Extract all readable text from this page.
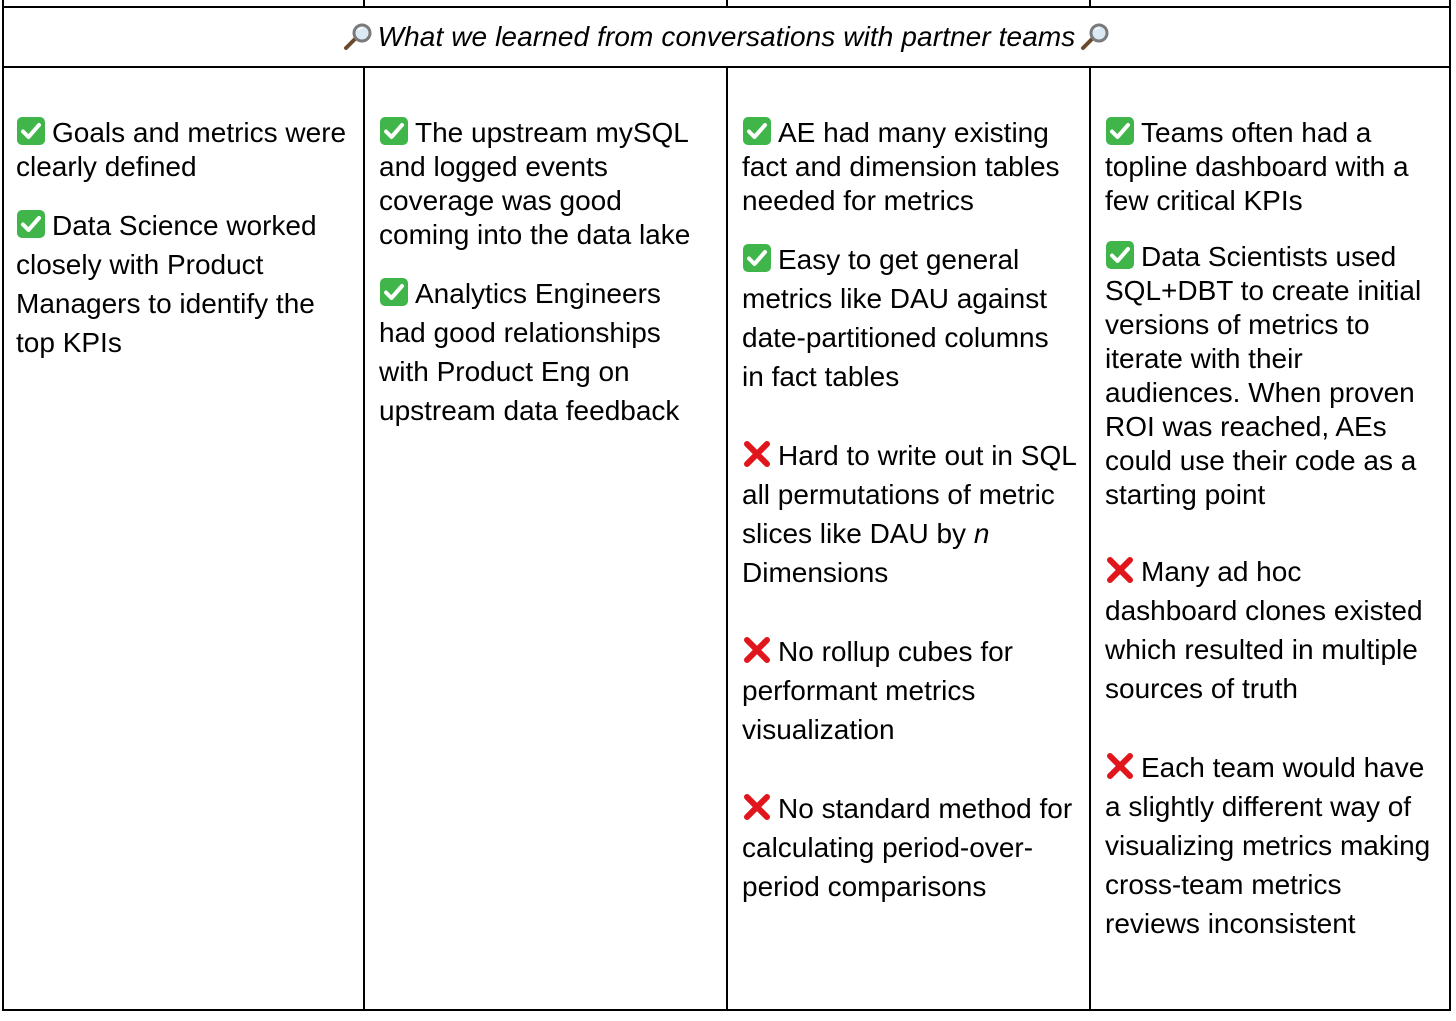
What we learned from conversations with partner teams

Goals and metrics were clearly defined

Data Science worked closely with Product Managers to identify the top KPIs

The upstream mySQL and logged events coverage was good coming into the data lake

Analytics Engineers had good relationships with Product Eng on upstream data feedback

AE had many existing fact and dimension tables needed for metrics

Easy to get general metrics like DAU against date-partitioned columns in fact tables

Hard to write out in SQL all permutations of metric slices like DAU by n Dimensions

No rollup cubes for performant metrics visualization

No standard method for calculating period-over-period comparisons

Teams often had a topline dashboard with a few critical KPIs

Data Scientists used SQL+DBT to create initial versions of metrics to iterate with their audiences. When proven ROI was reached, AEs could use their code as a starting point

Many ad hoc dashboard clones existed which resulted in multiple sources of truth

Each team would have a slightly different way of visualizing metrics making cross-team metrics reviews inconsistent
